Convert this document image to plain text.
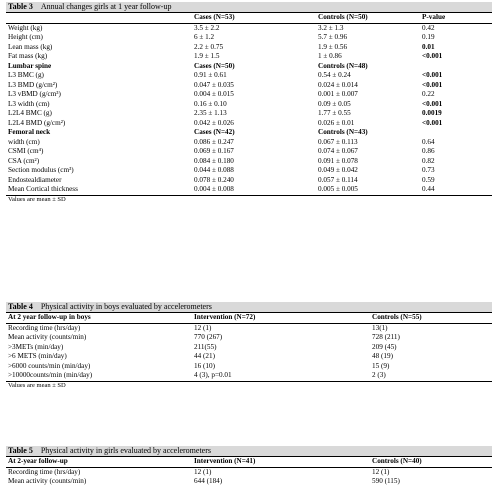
Table 3 Annual changes girls at 1 year follow-up
	Cases (N=53)	Controls (N=50)	P-value
Weight (kg)	3.5 ± 2.2	3.2 ± 1.3	0.42
Height (cm)	6 ± 1.2	5.7 ± 0.96	0.19
Lean mass (kg)	2.2 ± 0.75	1.9 ± 0.56	0.01
Fat mass (kg)	1.9 ± 1.5	1 ± 0.86	<0.001
Lumbar spine	Cases (N=50)	Controls (N=48)	
L3 BMC (g)	0.91 ± 0.61	0.54 ± 0.24	<0.001
L3 BMD (g/cm²)	0.047 ± 0.035	0.024 ± 0.014	<0.001
L3 vBMD (g/cm³)	0.004 ± 0.015	0.001 ± 0.007	0.22
L3 width (cm)	0.16 ± 0.10	0.09 ± 0.05	<0.001
L2L4 BMC (g)	2.35 ± 1.13	1.77 ± 0.55	0.0019
L2L4 BMD (g/cm²)	0.042 ± 0.026	0.026 ± 0.01	<0.001
Femoral neck	Cases (N=42)	Controls (N=43)	
width (cm)	0.086 ± 0.247	0.067 ± 0.113	0.64
CSMI (cm⁴)	0.069 ± 0.167	0.074 ± 0.067	0.86
CSA (cm²)	0.084 ± 0.180	0.091 ± 0.078	0.82
Section modulus (cm³)	0.044 ± 0.088	0.049 ± 0.042	0.73
Endostealdiameter	0.078 ± 0.240	0.057 ± 0.114	0.59
Mean Cortical thickness	0.004 ± 0.008	0.005 ± 0.005	0.44
Values are mean ± SD
Table 4 Physical activity in boys evaluated by accelerometers
At 2 year follow-up in boys	Intervention (N=72)	Controls (N=55)
Recording time (hrs/day)	12 (1)	13(1)
Mean activity (counts/min)	770 (267)	728 (211)
>3METs (min/day)	211(55)	209 (45)
>6 METS (min/day)	44 (21)	48 (19)
>6000 counts/min (min/day)	16 (10)	15 (9)
>10000counts/min (min/day)	4 (3), p=0.01	2 (3)
Values are mean ± SD
Table 5 Physical activity in girls evaluated by accelerometers
At 2-year follow-up	Intervention (N=41)	Controls (N=40)
Recording time (hrs/day)	12 (1)	12 (1)
Mean activity (counts/min)	644 (184)	590 (115)
